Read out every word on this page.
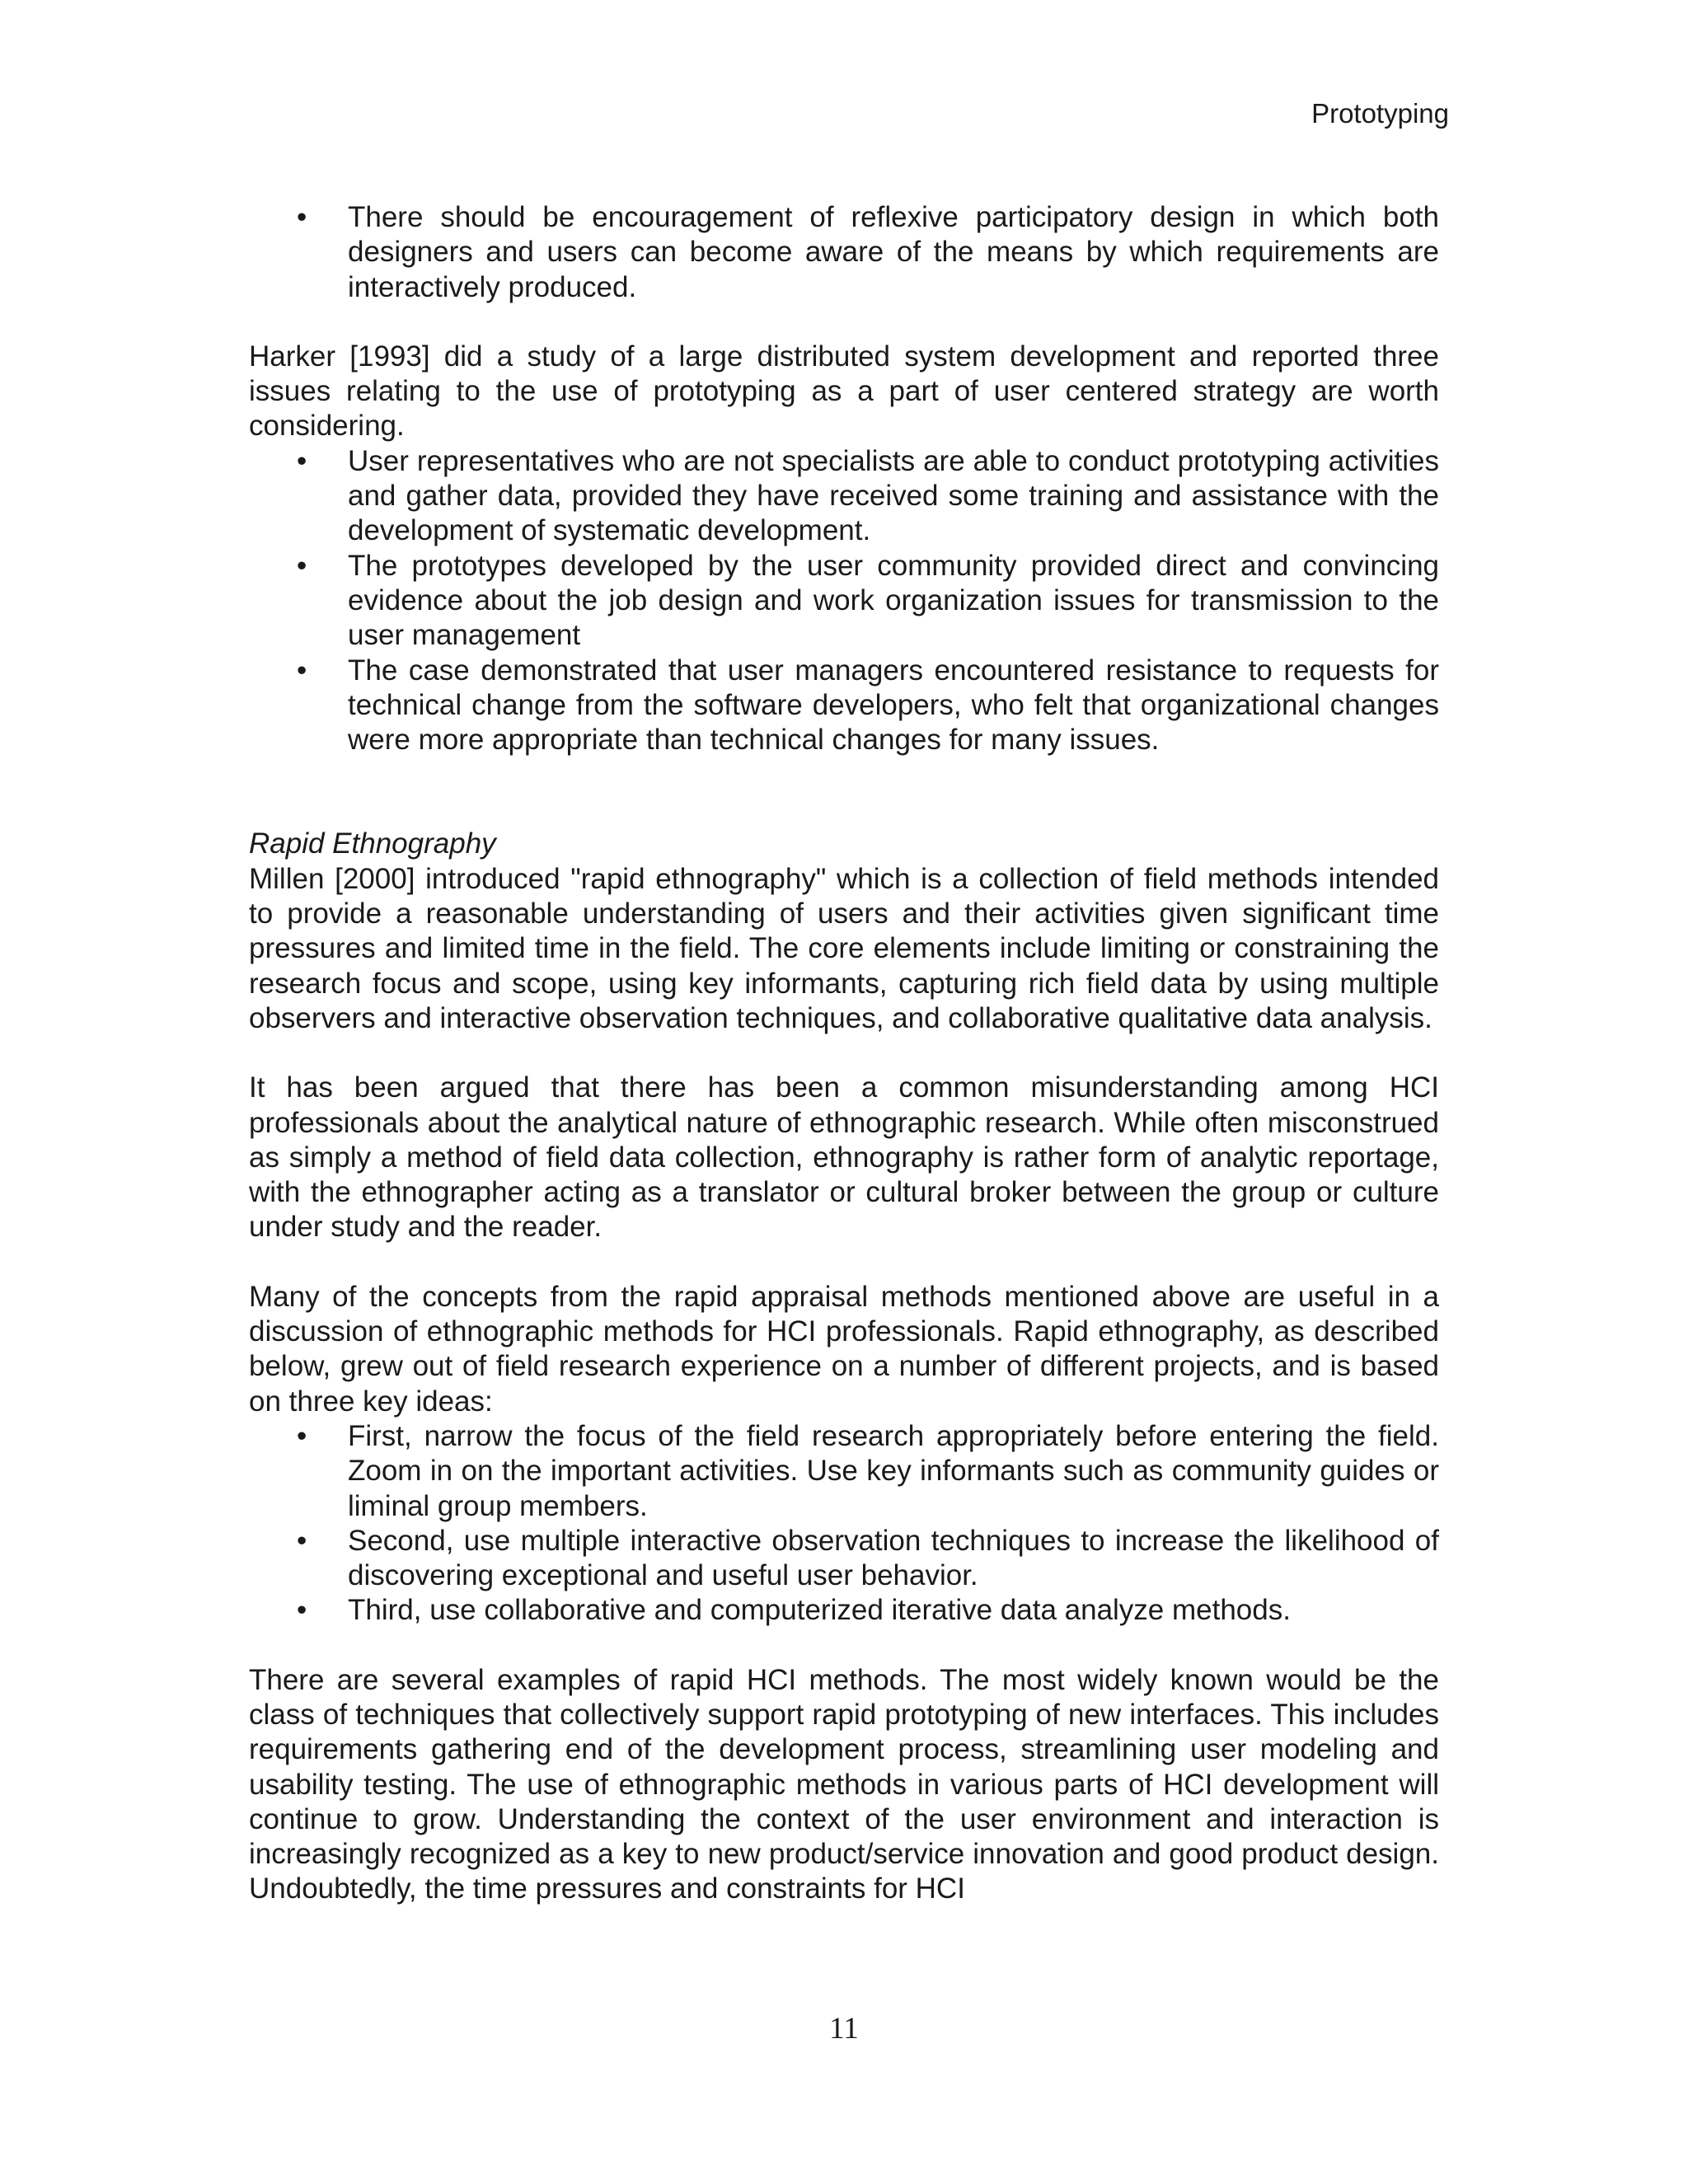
Prototyping
• There should be encouragement of reflexive participatory design in which both designers and users can become aware of the means by which requirements are interactively produced.

Harker [1993] did a study of a large distributed system development and reported three issues relating to the use of prototyping as a part of user centered strategy are worth considering.

• User representatives who are not specialists are able to conduct prototyping activities and gather data, provided they have received some training and assistance with the development of systematic development.
• The prototypes developed by the user community provided direct and convincing evidence about the job design and work organization issues for transmission to the user management
• The case demonstrated that user managers encountered resistance to requests for technical change from the software developers, who felt that organizational changes were more appropriate than technical changes for many issues.

Rapid Ethnography

Millen [2000] introduced "rapid ethnography" which is a collection of field methods intended to provide a reasonable understanding of users and their activities given significant time pressures and limited time in the field. The core elements include limiting or constraining the research focus and scope, using key informants, capturing rich field data by using multiple observers and interactive observation techniques, and collaborative qualitative data analysis.

It has been argued that there has been a common misunderstanding among HCI professionals about the analytical nature of ethnographic research. While often misconstrued as simply a method of field data collection, ethnography is rather form of analytic reportage, with the ethnographer acting as a translator or cultural broker between the group or culture under study and the reader.

Many of the concepts from the rapid appraisal methods mentioned above are useful in a discussion of ethnographic methods for HCI professionals. Rapid ethnography, as described below, grew out of field research experience on a number of different projects, and is based on three key ideas:

• First, narrow the focus of the field research appropriately before entering the field. Zoom in on the important activities. Use key informants such as community guides or liminal group members.
• Second, use multiple interactive observation techniques to increase the likelihood of discovering exceptional and useful user behavior.
• Third, use collaborative and computerized iterative data analyze methods.

There are several examples of rapid HCI methods. The most widely known would be the class of techniques that collectively support rapid prototyping of new interfaces. This includes requirements gathering end of the development process, streamlining user modeling and usability testing. The use of ethnographic methods in various parts of HCI development will continue to grow. Understanding the context of the user environment and interaction is increasingly recognized as a key to new product/service innovation and good product design. Undoubtedly, the time pressures and constraints for HCI

11
